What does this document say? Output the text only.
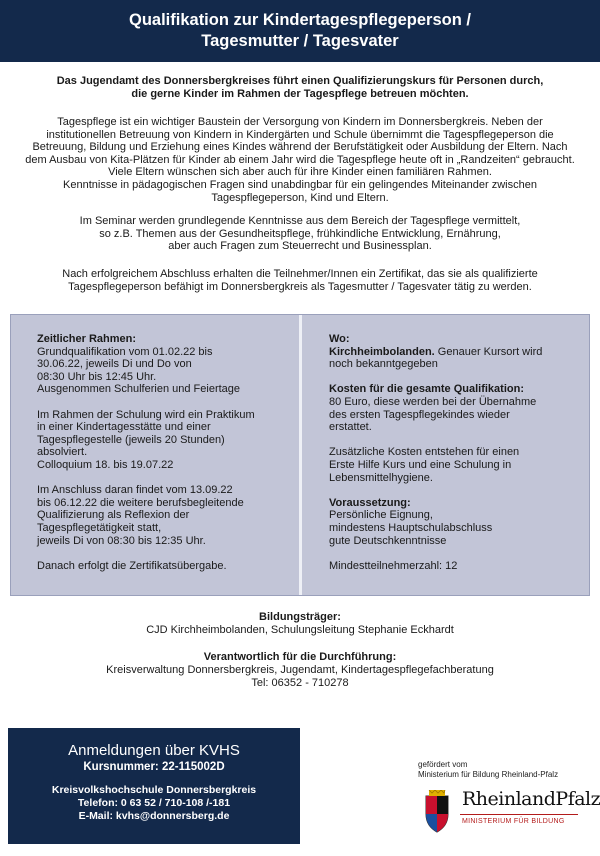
Qualifikation zur Kindertagespflegeperson /
Tagesmutter / Tagesvater
Das Jugendamt des Donnersbergkreises führt einen Qualifizierungskurs für Personen durch,
die gerne Kinder im Rahmen der Tagespflege betreuen möchten.
Tagespflege ist ein wichtiger Baustein der Versorgung von Kindern im Donnersbergkreis. Neben der
institutionellen Betreuung von Kindern in Kindergärten und Schule übernimmt die Tagespflegeperson die
Betreuung, Bildung und Erziehung eines Kindes während der Berufstätigkeit oder Ausbildung der Eltern. Nach
dem Ausbau von Kita-Plätzen für Kinder ab einem Jahr wird die Tagespflege heute oft in „Randzeiten“ gebraucht.
Viele Eltern wünschen sich aber auch für ihre Kinder einen familiären Rahmen.
Kenntnisse in pädagogischen Fragen sind unabdingbar für ein gelingendes Miteinander zwischen
Tagespflegeperson, Kind und Eltern.
Im Seminar werden grundlegende Kenntnisse aus dem Bereich der Tagespflege vermittelt,
so z.B. Themen aus der Gesundheitspflege, frühkindliche Entwicklung, Ernährung,
aber auch Fragen zum Steuerrecht und Businessplan.
Nach erfolgreichem Abschluss erhalten die Teilnehmer/Innen ein Zertifikat, das sie als qualifizierte
Tagespflegeperson befähigt im Donnersbergkreis als Tagesmutter / Tagesvater tätig zu werden.
Zeitlicher Rahmen:
Grundqualifikation vom 01.02.22 bis
30.06.22, jeweils Di und Do von
08:30 Uhr bis 12:45 Uhr.
Ausgenommen Schulferien und Feiertage
Im Rahmen der Schulung wird ein Praktikum
in einer Kindertagesstätte und einer
Tagespflegestelle (jeweils 20 Stunden)
absolviert.
Colloquium 18. bis 19.07.22
Im Anschluss daran findet vom 13.09.22
bis 06.12.22 die weitere berufsbegleitende
Qualifizierung als Reflexion der
Tagespflegetätigkeit statt,
jeweils Di von 08:30 bis 12:35 Uhr.
Danach erfolgt die Zertifikatsübergabe.
Wo:
Kirchheimbolanden. Genauer Kursort wird
noch bekanntgegeben
Kosten für die gesamte Qualifikation:
80 Euro, diese werden bei der Übernahme
des ersten Tagespflegekindes wieder
erstattet.
Zusätzliche Kosten entstehen für einen
Erste Hilfe Kurs und eine Schulung in
Lebensmittelhygiene.
Voraussetzung:
Persönliche Eignung,
mindestens Hauptschulabschluss
gute Deutschkenntnisse
Mindestteilnehmerzahl: 12
Bildungsträger:
CJD Kirchheimbolanden, Schulungsleitung Stephanie Eckhardt
Verantwortlich für die Durchführung:
Kreisverwaltung Donnersbergkreis, Jugendamt, Kindertagespflegefachberatung
Tel: 06352 - 710278
Anmeldungen über KVHS
Kursnummer: 22-115002D
Kreisvolkshochschule Donnersbergkreis
Telefon: 0 63 52 / 710-108 /-181
E-Mail: kvhs@donnersberg.de
gefördert vom
Ministerium für Bildung Rheinland-Pfalz
RheinlandPfalz
MINISTERIUM FÜR BILDUNG
